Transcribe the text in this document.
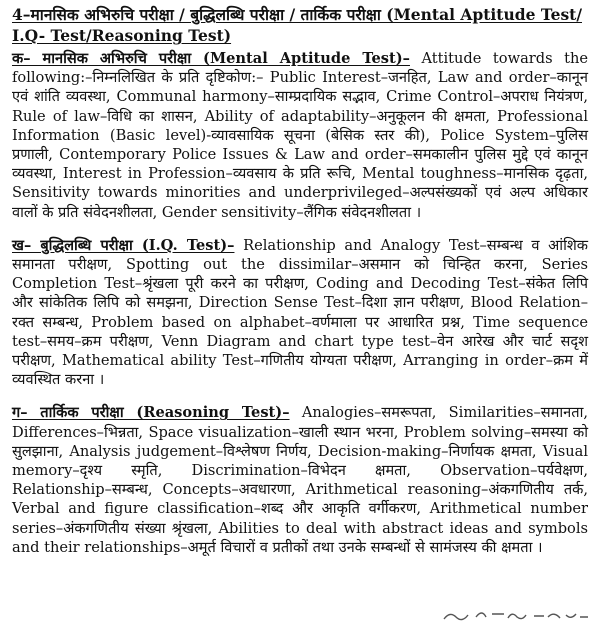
4–मानसिक अभिरुचि परीक्षा / बुद्धिलब्धि परीक्षा / तार्किक परीक्षा (Mental Aptitude Test/ I.Q- Test/Reasoning Test)

क– मानसिक अभिरुचि परीक्षा (Mental Aptitude Test)– Attitude towards the following:–निम्नलिखित के प्रति दृष्टिकोण:– Public Interest–जनहित, Law and order–कानून एवं शांति व्यवस्था, Communal harmony–साम्प्रदायिक सद्भाव, Crime Control–अपराध नियंत्रण, Rule of law–विधि का शासन, Ability of adaptability–अनुकूलन की क्षमता, Professional Information (Basic level)-व्यावसायिक सूचना (बेसिक स्तर की), Police System–पुलिस प्रणाली, Contemporary Police Issues & Law and order–समकालीन पुलिस मुद्दे एवं कानून व्यवस्था, Interest in Profession–व्यवसाय के प्रति रूचि, Mental toughness–मानसिक दृढ़ता, Sensitivity towards minorities and underprivileged–अल्पसंख्यकों एवं अल्प अधिकार वालों के प्रति संवेदनशीलता, Gender sensitivity–लैंगिक संवेदनशीलता ।

ख– बुद्धिलब्धि परीक्षा (I.Q. Test)– Relationship and Analogy Test–सम्बन्ध व आंशिक समानता परीक्षण, Spotting out the dissimilar–असमान को चिन्हित करना, Series Completion Test–श्रृंखला पूरी करने का परीक्षण, Coding and Decoding Test–संकेत लिपि और सांकेतिक लिपि को समझना, Direction Sense Test–दिशा ज्ञान परीक्षण, Blood Relation–रक्त सम्बन्ध, Problem based on alphabet–वर्णमाला पर आधारित प्रश्न, Time sequence test–समय–क्रम परीक्षण, Venn Diagram and chart type test–वेन आरेख और चार्ट सदृश परीक्षण, Mathematical ability Test–गणितीय योग्यता परीक्षण, Arranging in order–क्रम में व्यवस्थित करना ।

ग– तार्किक परीक्षा (Reasoning Test)– Analogies–समरूपता, Similarities–समानता, Differences–भिन्नता, Space visualization–खाली स्थान भरना, Problem solving–समस्या को सुलझाना, Analysis judgement–विश्लेषण निर्णय, Decision-making–निर्णायक क्षमता, Visual memory–दृश्य स्मृति, Discrimination–विभेदन क्षमता, Observation–पर्यवेक्षण, Relationship–सम्बन्ध, Concepts–अवधारणा, Arithmetical reasoning–अंकगणितीय तर्क, Verbal and figure classification–शब्द और आकृति वर्गीकरण, Arithmetical number series–अंकगणितीय संख्या श्रृंखला, Abilities to deal with abstract ideas and symbols and their relationships–अमूर्त विचारों व प्रतीकों तथा उनके सम्बन्धों से सामंजस्य की क्षमता ।
